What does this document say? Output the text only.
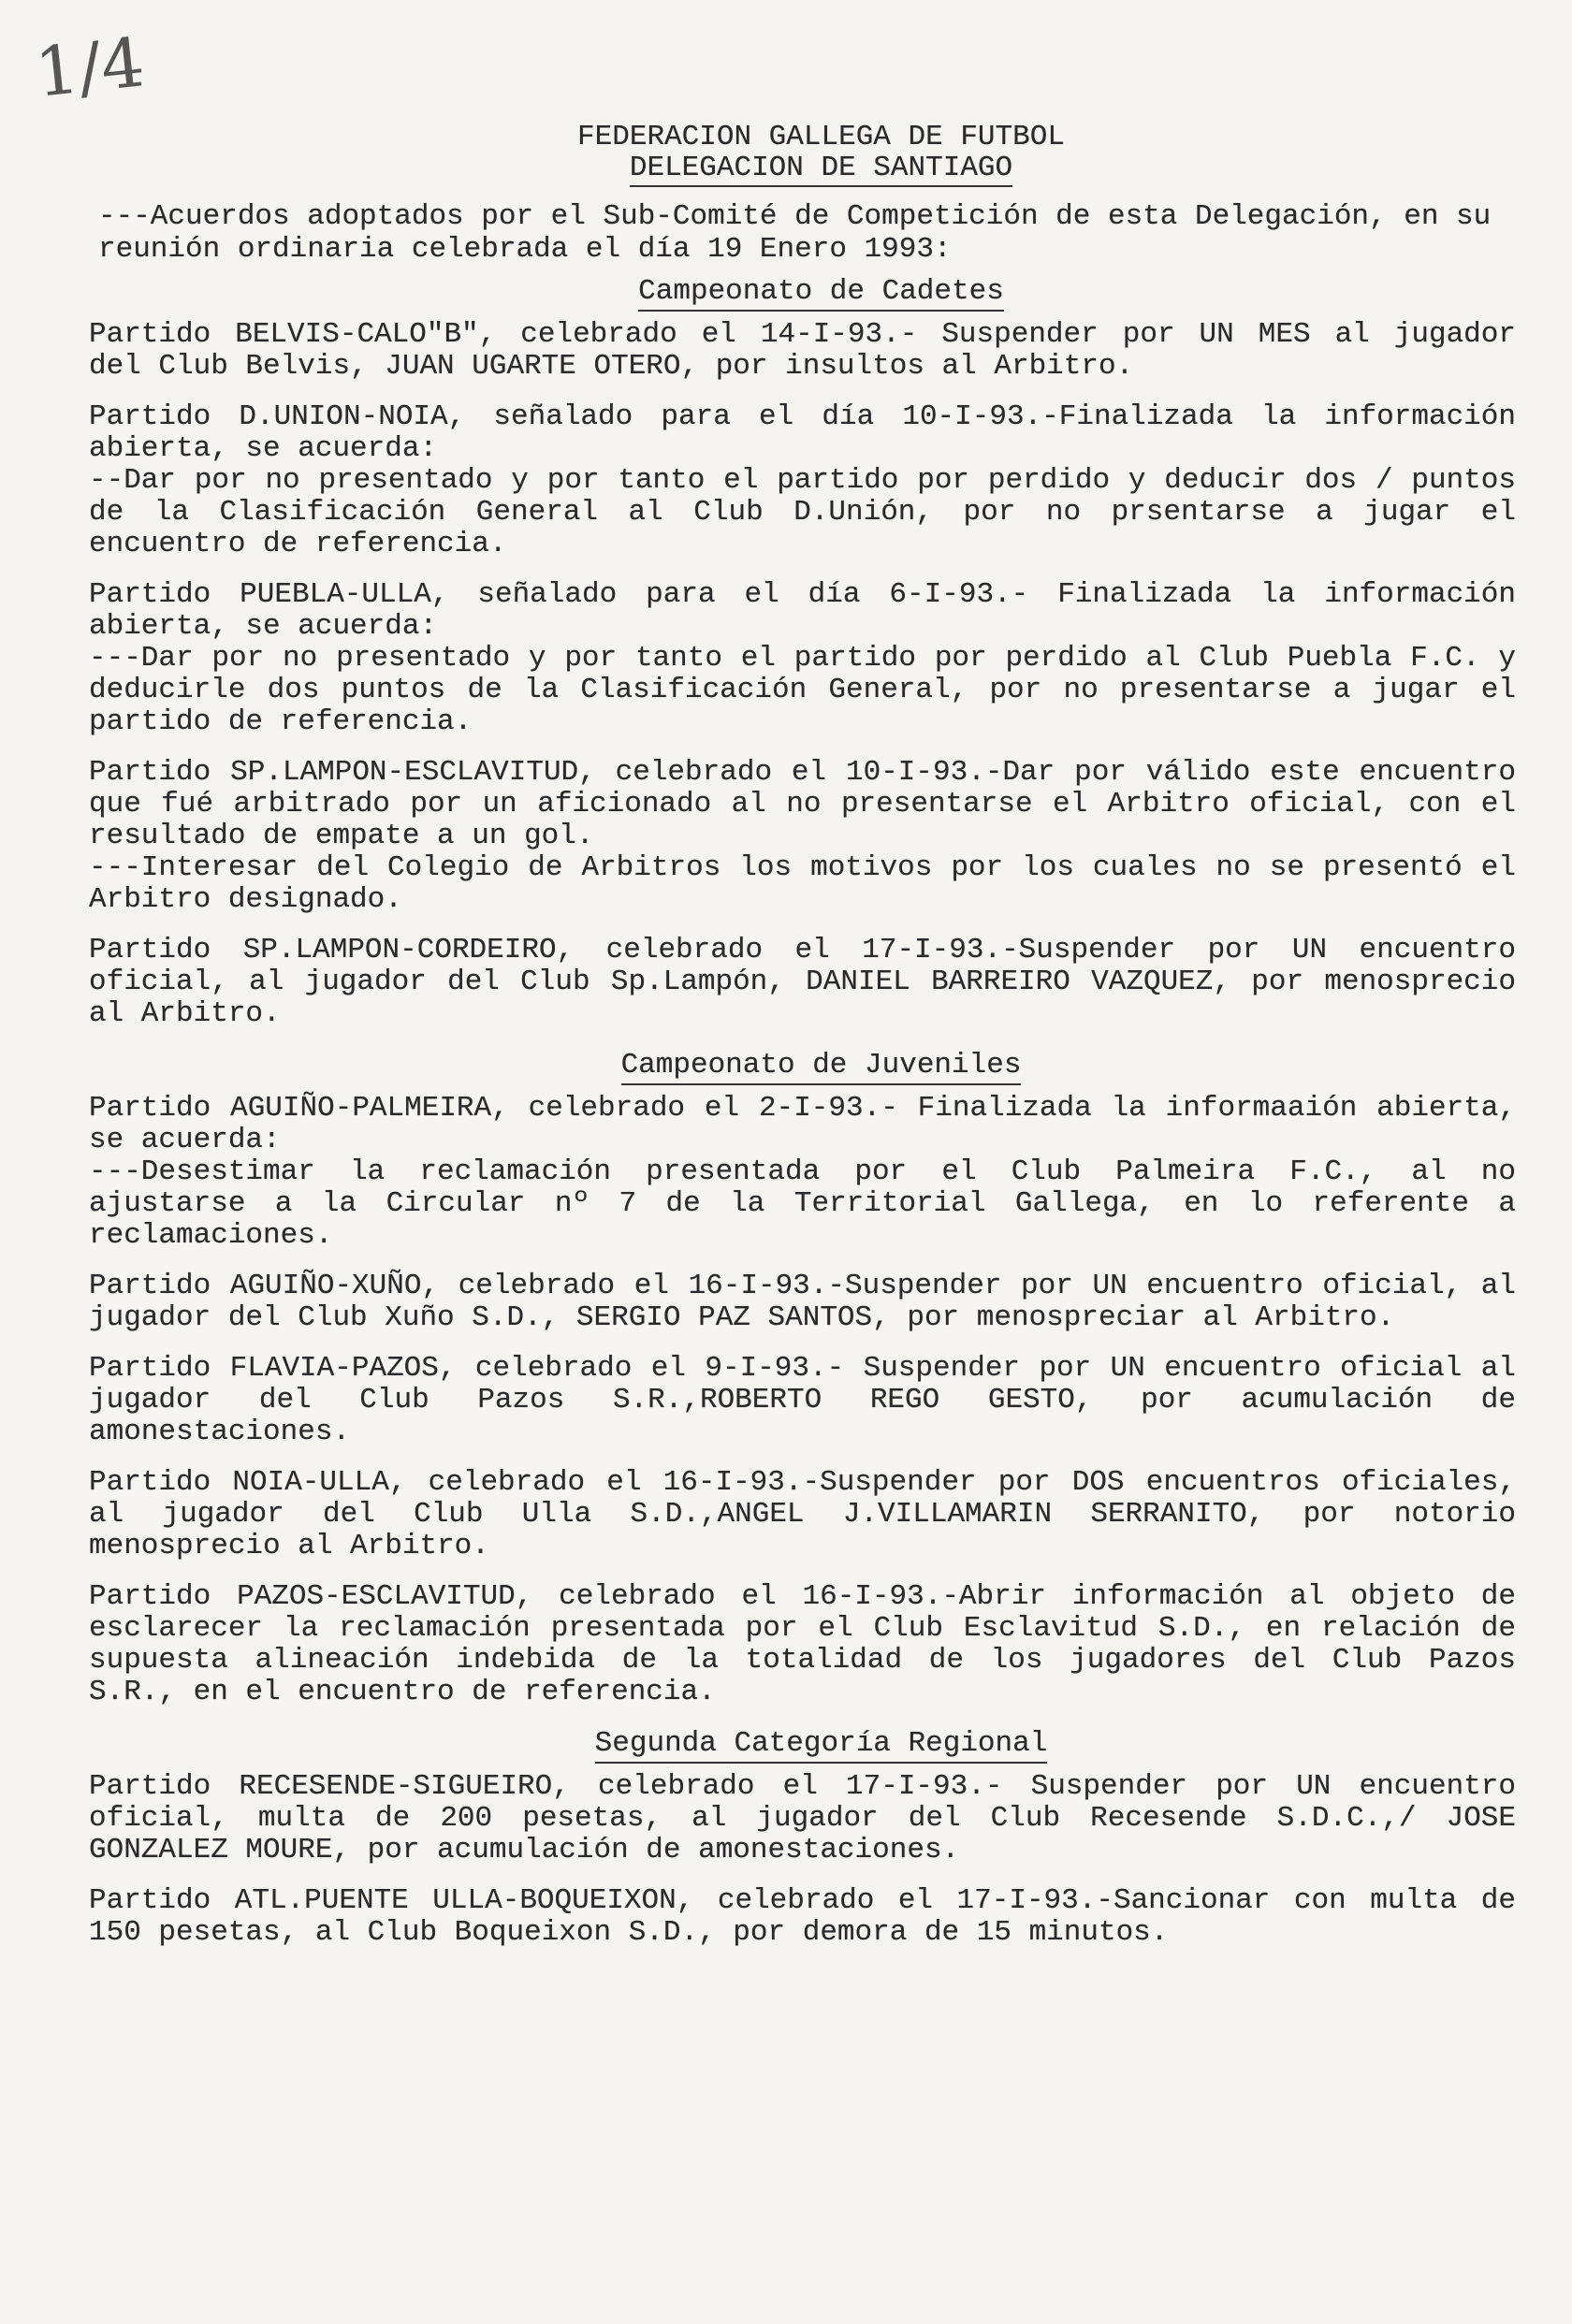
1/4
FEDERACION GALLEGA DE FUTBOL
DELEGACION DE SANTIAGO
---Acuerdos adoptados por el Sub-Comité de Competición de esta Delegación, en su reunión ordinaria celebrada el día 19 Enero 1993:
Campeonato de Cadetes

Partido BELVIS-CALO"B", celebrado el 14-I-93.- Suspender por UN MES al jugador del Club Belvis, JUAN UGARTE OTERO, por insultos al Arbitro.

Partido D.UNION-NOIA, señalado para el día 10-I-93.-Finalizada la información abierta, se acuerda:

--Dar por no presentado y por tanto el partido por perdido y deducir dos / puntos de la Clasificación General al Club D.Unión, por no prsentarse a jugar el encuentro de referencia.

Partido PUEBLA-ULLA, señalado para el día 6-I-93.- Finalizada la información abierta, se acuerda:

---Dar por no presentado y por tanto el partido por perdido al Club Puebla F.C. y deducirle dos puntos de la Clasificación General, por no presentarse a jugar el partido de referencia.

Partido SP.LAMPON-ESCLAVITUD, celebrado el 10-I-93.-Dar por válido este encuentro que fué arbitrado por un aficionado al no presentarse el Arbitro oficial, con el resultado de empate a un gol.

---Interesar del Colegio de Arbitros los motivos por los cuales no se presentó el Arbitro designado.

Partido SP.LAMPON-CORDEIRO, celebrado el 17-I-93.-Suspender por UN encuentro oficial, al jugador del Club Sp.Lampón, DANIEL BARREIRO VAZQUEZ, por menosprecio al Arbitro.

Campeonato de Juveniles

Partido AGUIÑO-PALMEIRA, celebrado el 2-I-93.- Finalizada la informaaión abierta, se acuerda:

---Desestimar la reclamación presentada por el Club Palmeira F.C., al no ajustarse a la Circular nº 7 de la Territorial Gallega, en lo referente a reclamaciones.

Partido AGUIÑO-XUÑO, celebrado el 16-I-93.-Suspender por UN encuentro oficial, al jugador del Club Xuño S.D., SERGIO PAZ SANTOS, por menospreciar al Arbitro.

Partido FLAVIA-PAZOS, celebrado el 9-I-93.- Suspender por UN encuentro oficial al jugador del Club Pazos S.R.,ROBERTO REGO GESTO, por acumulación de amonestaciones.

Partido NOIA-ULLA, celebrado el 16-I-93.-Suspender por DOS encuentros oficiales, al jugador del Club Ulla S.D.,ANGEL J.VILLAMARIN SERRANITO, por notorio menosprecio al Arbitro.

Partido PAZOS-ESCLAVITUD, celebrado el 16-I-93.-Abrir información al objeto de esclarecer la reclamación presentada por el Club Esclavitud S.D., en relación de supuesta alineación indebida de la totalidad de los jugadores del Club Pazos S.R., en el encuentro de referencia.

Segunda Categoría Regional

Partido RECESENDE-SIGUEIRO, celebrado el 17-I-93.- Suspender por UN encuentro oficial, multa de 200 pesetas, al jugador del Club Recesende S.D.C.,/ JOSE GONZALEZ MOURE, por acumulación de amonestaciones.

Partido ATL.PUENTE ULLA-BOQUEIXON, celebrado el 17-I-93.-Sancionar con multa de 150 pesetas, al Club Boqueixon S.D., por demora de 15 minutos.
